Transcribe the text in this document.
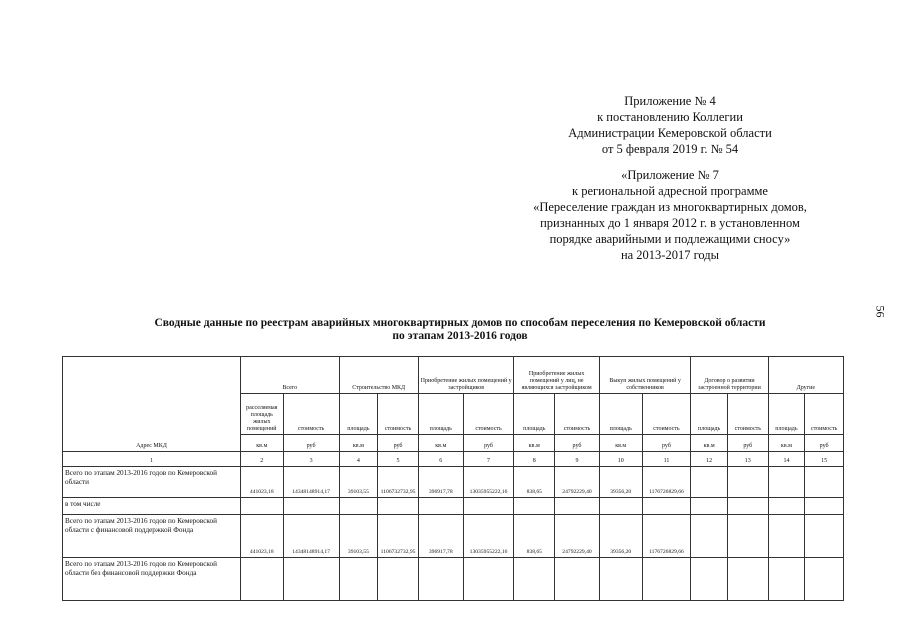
Приложение № 4
к постановлению Коллегии
Администрации Кемеровской области
от 5 февраля 2019 г. № 54
«Приложение № 7
к региональной адресной программе
«Переселение граждан из многоквартирных домов,
признанных до 1 января 2012 г. в установленном
порядке аварийными и подлежащими сносу»
на 2013-2017 годы
56
Сводные данные по реестрам аварийных многоквартирных домов по способам переселения по Кемеровской области
по этапам 2013-2016 годов
Адрес МКД	Всего		Строительство МКД		Приобретение жилых помещений у застройщиков		Приобретение жилых помещений у лиц, не являющихся застройщиком		Выкуп жилых помещений у собственников		Договор о развитии застроенной территории		Другие	
	расселяемая площадь жилых помещений	стоимость	площадь	стоимость	площадь	стоимость	площадь	стоимость	площадь	стоимость	площадь	стоимость	площадь	стоимость
	кв.м	руб	кв.м	руб	кв.м	руб	кв.м	руб	кв.м	руб	кв.м	руб	кв.м	руб
1	2	3	4	5	6	7	8	9	10	11	12	13	14	15
Всего по этапам 2013-2016 годов по Кемеровской области	441023,18	14348148914,17	39103,55	1106732732,95	396917,78	13035955222,16	838,65	24792229,40	39356,20	1176726829,66				
в том числе														
Всего по этапам 2013-2016 годов по Кемеровской области с финансовой поддержкой Фонда	441023,18	14348148914,17	39103,55	1106732732,95	396917,78	13035955222,16	838,65	24792229,40	39356,20	1176726829,66				
Всего по этапам 2013-2016 годов по Кемеровской области без финансовой поддержки Фонда														
